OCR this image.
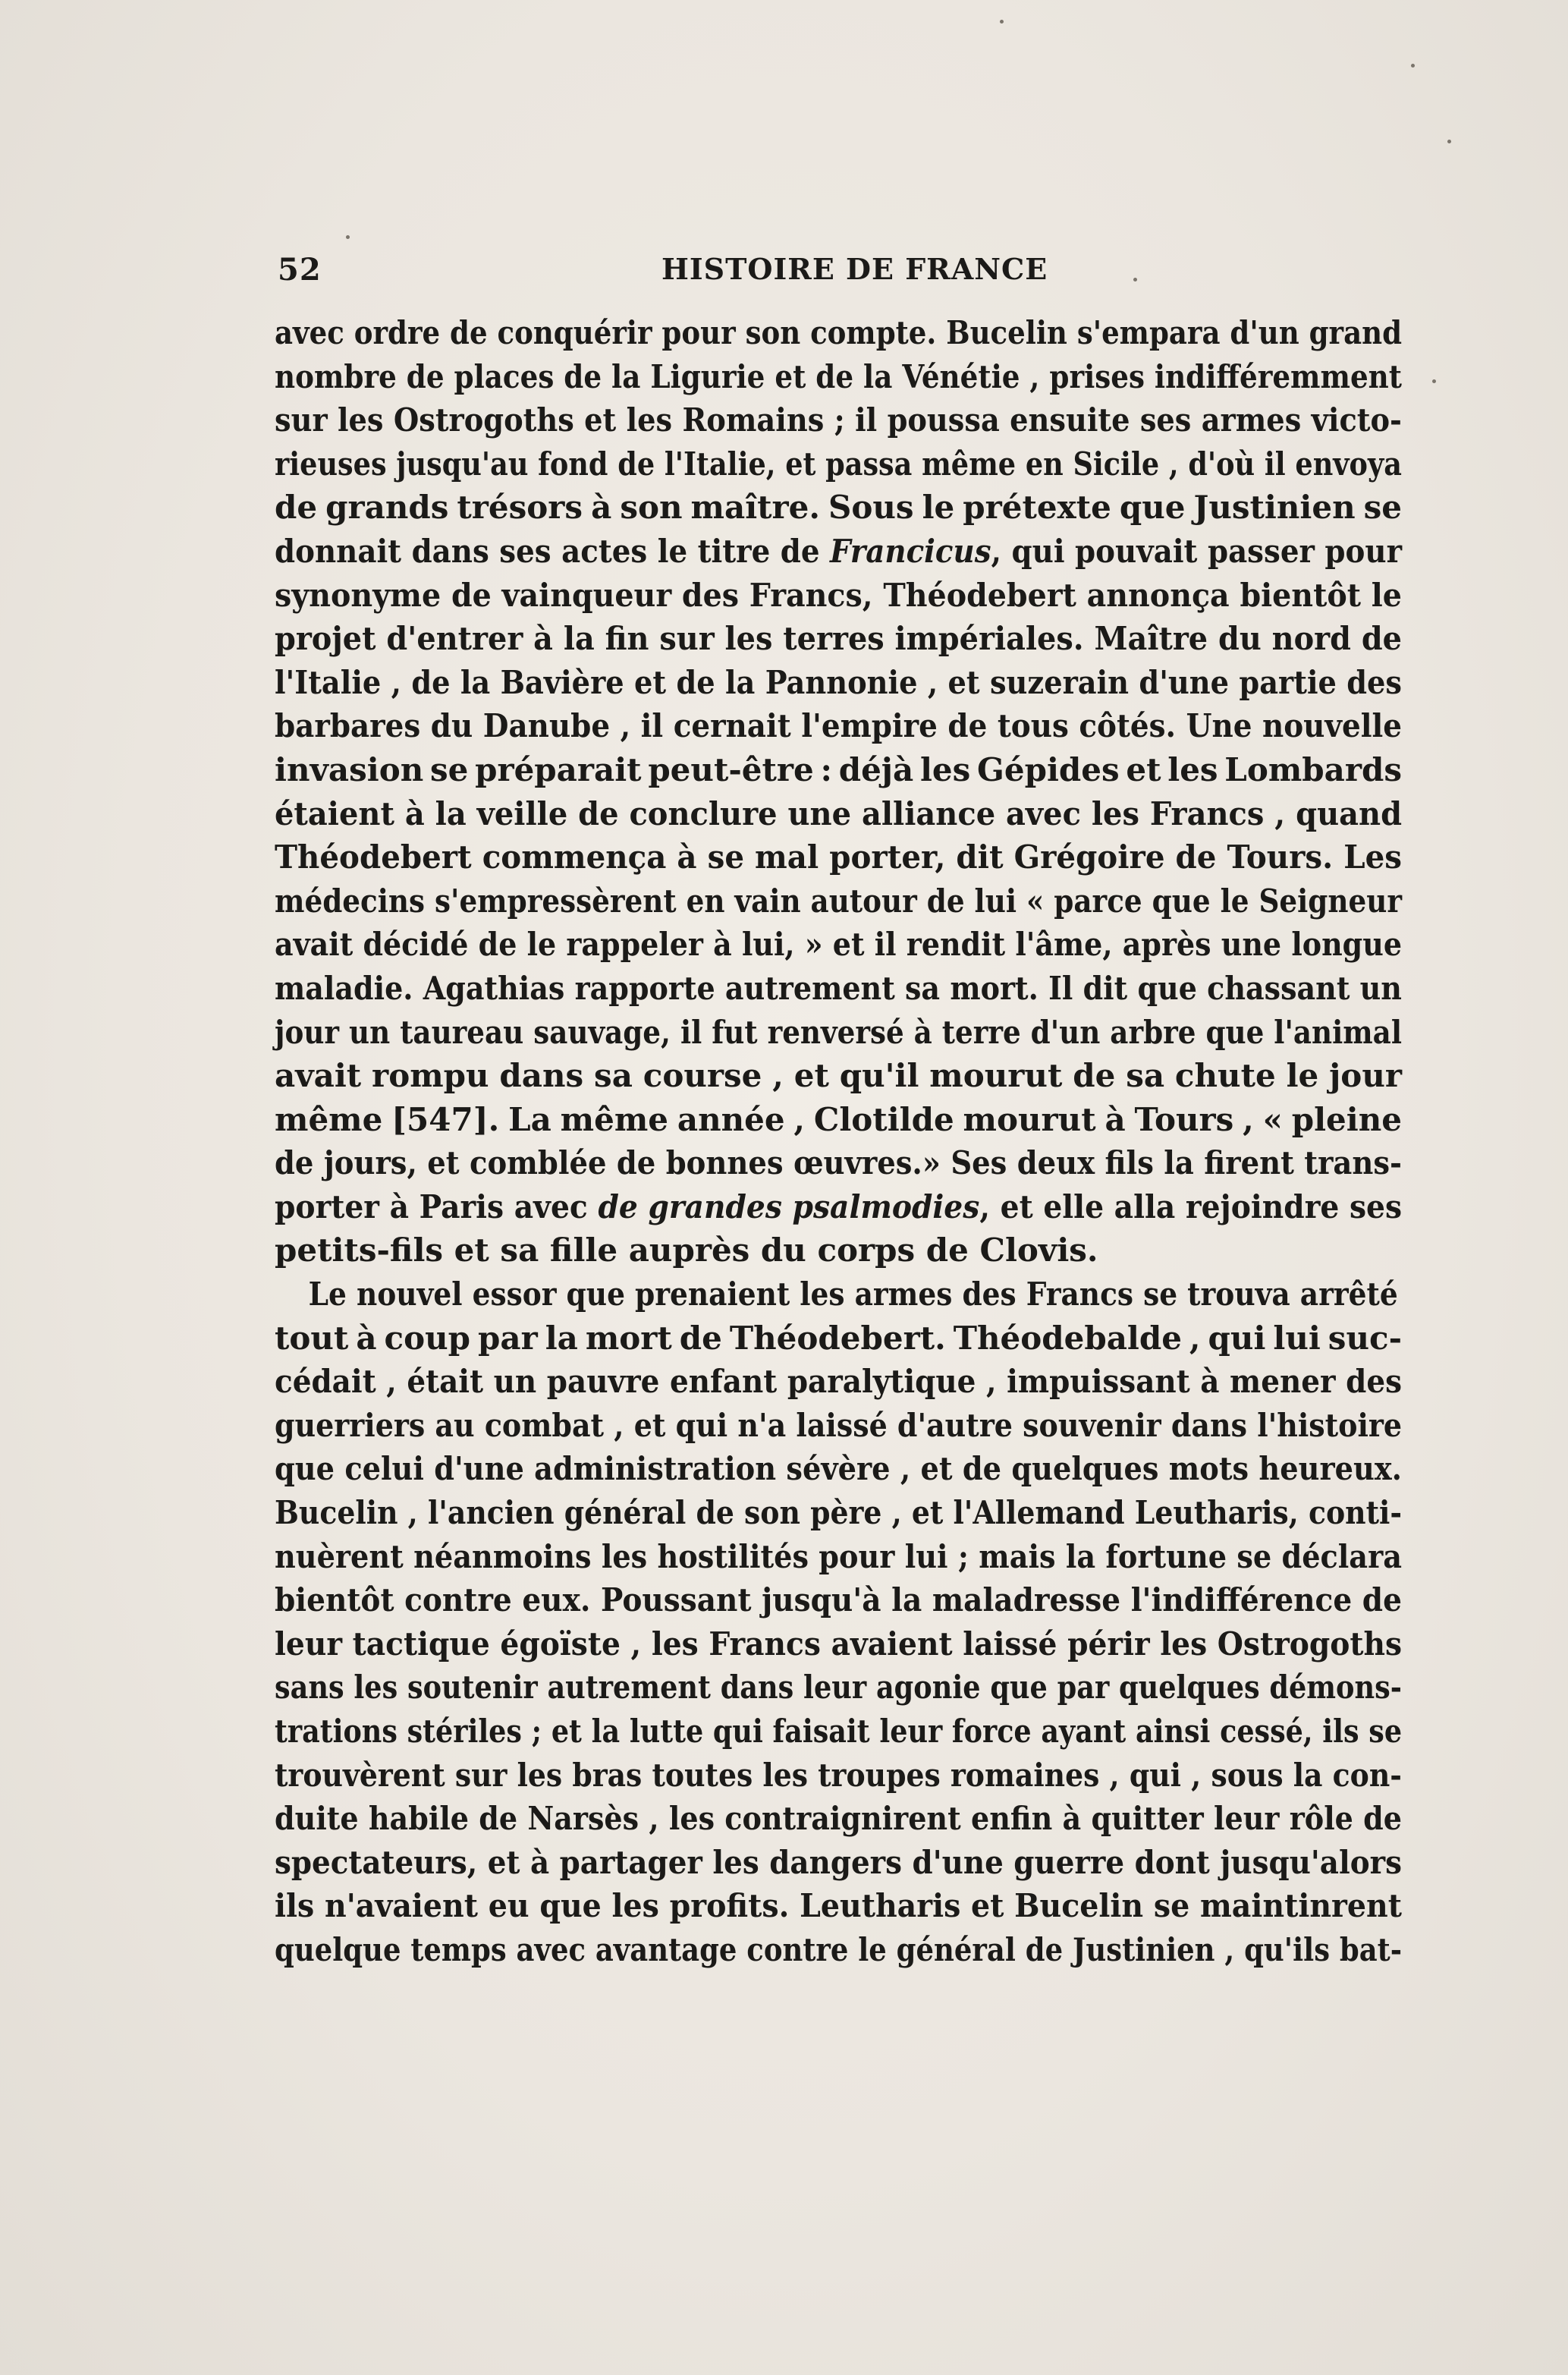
52	HISTOIRE DE FRANCE
avec ordre de conquérir pour son compte. Bucelin s'empara d'un grand
nombre de places de la Ligurie et de la Vénétie , prises indifféremment
sur les Ostrogoths et les Romains ; il poussa ensuite ses armes victo-
rieuses jusqu'au fond de l'Italie, et passa même en Sicile , d'où il envoya
de grands trésors à son maître. Sous le prétexte que Justinien se
donnait dans ses actes le titre de Francicus, qui pouvait passer pour
synonyme de vainqueur des Francs, Théodebert annonça bientôt le
projet d'entrer à la fin sur les terres impériales. Maître du nord de
l'Italie , de la Bavière et de la Pannonie , et suzerain d'une partie des
barbares du Danube , il cernait l'empire de tous côtés. Une nouvelle
invasion se préparait peut-être : déjà les Gépides et les Lombards
étaient à la veille de conclure une alliance avec les Francs , quand
Théodebert commença à se mal porter, dit Grégoire de Tours. Les
médecins s'empressèrent en vain autour de lui « parce que le Seigneur
avait décidé de le rappeler à lui, » et il rendit l'âme, après une longue
maladie. Agathias rapporte autrement sa mort. Il dit que chassant un
jour un taureau sauvage, il fut renversé à terre d'un arbre que l'animal
avait rompu dans sa course , et qu'il mourut de sa chute le jour
même [547]. La même année , Clotilde mourut à Tours , « pleine
de jours, et comblée de bonnes œuvres.» Ses deux fils la firent trans-
porter à Paris avec de grandes psalmodies, et elle alla rejoindre ses
petits-fils et sa fille auprès du corps de Clovis.
Le nouvel essor que prenaient les armes des Francs se trouva arrêté
tout à coup par la mort de Théodebert. Théodebalde , qui lui suc-
cédait , était un pauvre enfant paralytique , impuissant à mener des
guerriers au combat , et qui n'a laissé d'autre souvenir dans l'histoire
que celui d'une administration sévère , et de quelques mots heureux.
Bucelin , l'ancien général de son père , et l'Allemand Leutharis, conti-
nuèrent néanmoins les hostilités pour lui ; mais la fortune se déclara
bientôt contre eux. Poussant jusqu'à la maladresse l'indifférence de
leur tactique égoïste , les Francs avaient laissé périr les Ostrogoths
sans les soutenir autrement dans leur agonie que par quelques démons-
trations stériles ; et la lutte qui faisait leur force ayant ainsi cessé, ils se
trouvèrent sur les bras toutes les troupes romaines , qui , sous la con-
duite habile de Narsès , les contraignirent enfin à quitter leur rôle de
spectateurs, et à partager les dangers d'une guerre dont jusqu'alors
ils n'avaient eu que les profits. Leutharis et Bucelin se maintinrent
quelque temps avec avantage contre le général de Justinien , qu'ils bat-
